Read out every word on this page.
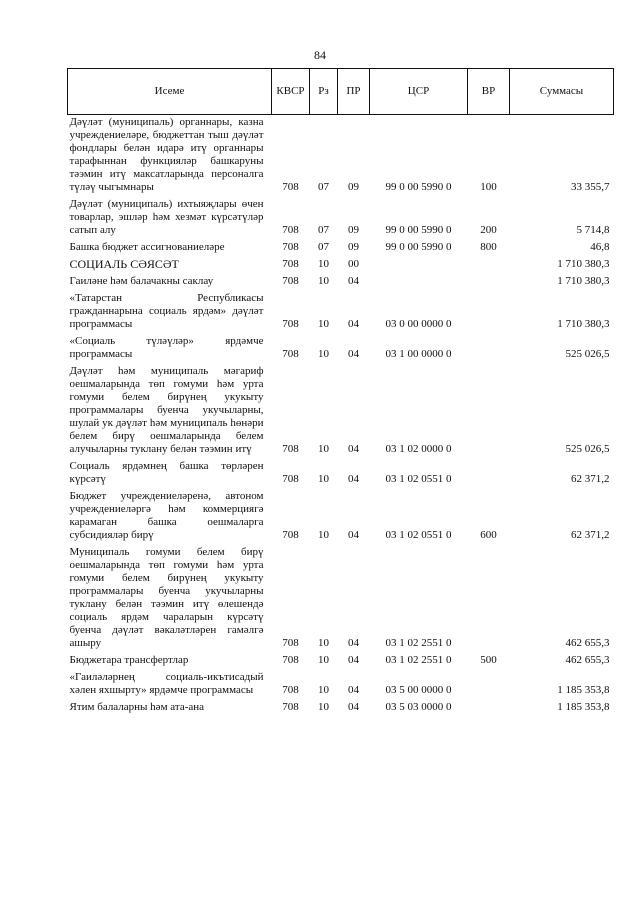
84
Исеме	КВСР	Рз	ПР	ЦСР	ВР	Суммасы
Дәүләт (муниципаль) органнары, казна учреждениеләре, бюджеттан тыш дәүләт фондлары белән идарә итү органнары тарафыннан функцияләр башкаруны тәэмин итү максатларында персоналга түләү чыгымнары	708	07	09	99 0 00 5990 0	100	33 355,7
Дәүләт (муниципаль) ихтыяҗлары өчен товарлар, эшләр һәм хезмәт күрсәтүләр сатып алу	708	07	09	99 0 00 5990 0	200	5 714,8
Башка бюджет ассигнованиеләре	708	07	09	99 0 00 5990 0	800	46,8
СОЦИАЛЬ СӘЯСӘТ	708	10	00			1 710 380,3
Гаиләне һәм балачакны саклау	708	10	04			1 710 380,3
«Татарстан Республикасы гражданнарына социаль ярдәм» дәүләт программасы	708	10	04	03 0 00 0000 0		1 710 380,3
«Социаль түләүләр» ярдәмче программасы	708	10	04	03 1 00 0000 0		525 026,5
Дәүләт һәм муниципаль мәгариф оешмаларында төп гомуми һәм урта гомуми белем бирүнең укукыту программалары буенча укучыларны, шулай ук дәүләт һәм муниципаль һөнәри белем бирү оешмаларында белем алучыларны туклану белән тәэмин итү	708	10	04	03 1 02 0000 0		525 026,5
Социаль ярдәмнең башка төрләрен күрсәтү	708	10	04	03 1 02 0551 0		62 371,2
Бюджет учреждениеләренә, автоном учреждениеләргә һәм коммерциягә карамаган башка оешмаларга субсидияләр бирү	708	10	04	03 1 02 0551 0	600	62 371,2
Муниципаль гомуми белем бирү оешмаларында төп гомуми һәм урта гомуми белем бирүнең укукыту программалары буенча укучыларны туклану белән тәэмин итү өлешендә социаль ярдәм чараларын күрсәтү буенча дәүләт вәкаләтләрен гамәлгә ашыру	708	10	04	03 1 02 2551 0		462 655,3
Бюджетара трансфертлар	708	10	04	03 1 02 2551 0	500	462 655,3
«Гаиләләрнең социаль-икътисадый хәлен яхшырту» ярдәмче программасы	708	10	04	03 5 00 0000 0		1 185 353,8
Ятим балаларны һәм ата-ана	708	10	04	03 5 03 0000 0		1 185 353,8
